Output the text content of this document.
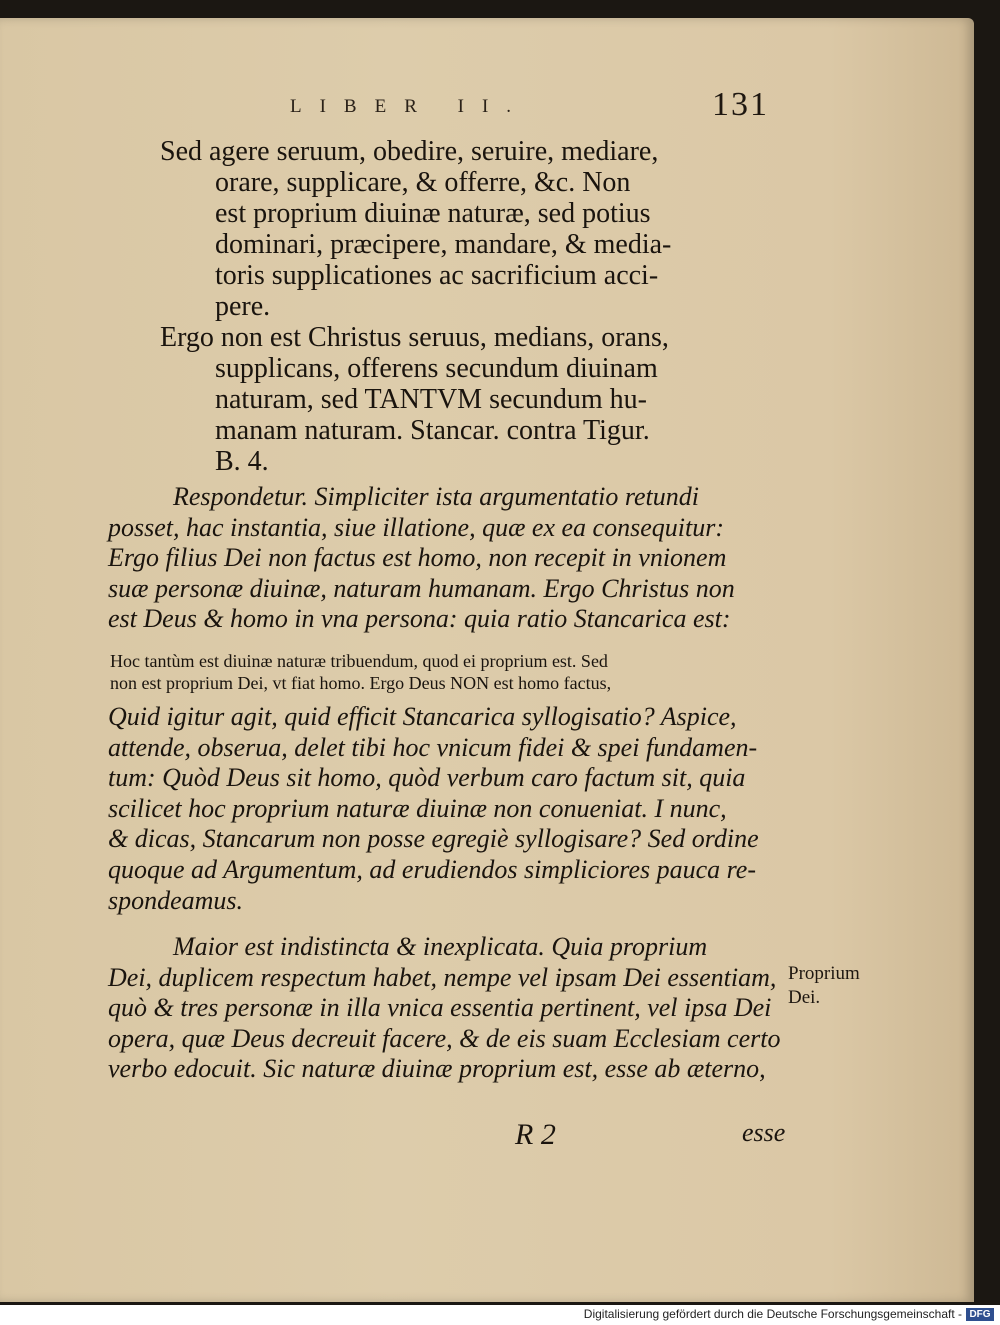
LIBER II.	131
Sed agere seruum, obedire, seruire, mediare,
orare, supplicare, & offerre, &c. Non
est proprium diuinæ naturæ, sed potius
dominari, præcipere, mandare, & media-
toris supplicationes ac sacrificium acci-
pere.
Ergo non est Christus seruus, medians, orans,
supplicans, offerens secundum diuinam
naturam, sed TANTVM secundum hu-
manam naturam. Stancar. contra Tigur.
B. 4.
Respondetur. Simpliciter ista argumentatio retundi
posset, hac instantia, siue illatione, quæ ex ea consequitur:
Ergo filius Dei non factus est homo, non recepit in vnionem
suæ personæ diuinæ, naturam humanam. Ergo Christus non
est Deus & homo in vna persona: quia ratio Stancarica est:
Hoc tantùm est diuinæ naturæ tribuendum, quod ei proprium est. Sed
non est proprium Dei, vt fiat homo. Ergo Deus NON est homo factus,
Quid igitur agit, quid efficit Stancarica syllogisatio? Aspice,
attende, obserua, delet tibi hoc vnicum fidei & spei fundamen-
tum: Quòd Deus sit homo, quòd verbum caro factum sit, quia
scilicet hoc proprium naturæ diuinæ non conueniat. I nunc,
& dicas, Stancarum non posse egregiè syllogisare? Sed ordine
quoque ad Argumentum, ad erudiendos simpliciores pauca re-
spondeamus.
Maior est indistincta & inexplicata. Quia proprium
Dei, duplicem respectum habet, nempe vel ipsam Dei essentiam,
quò & tres personæ in illa vnica essentia pertinent, vel ipsa Dei
opera, quæ Deus decreuit facere, & de eis suam Ecclesiam certo
verbo edocuit. Sic naturæ diuinæ proprium est, esse ab æterno,
Proprium
Dei.
R 2	esse
Digitalisierung gefördert durch die Deutsche Forschungsgemeinschaft - DFG
